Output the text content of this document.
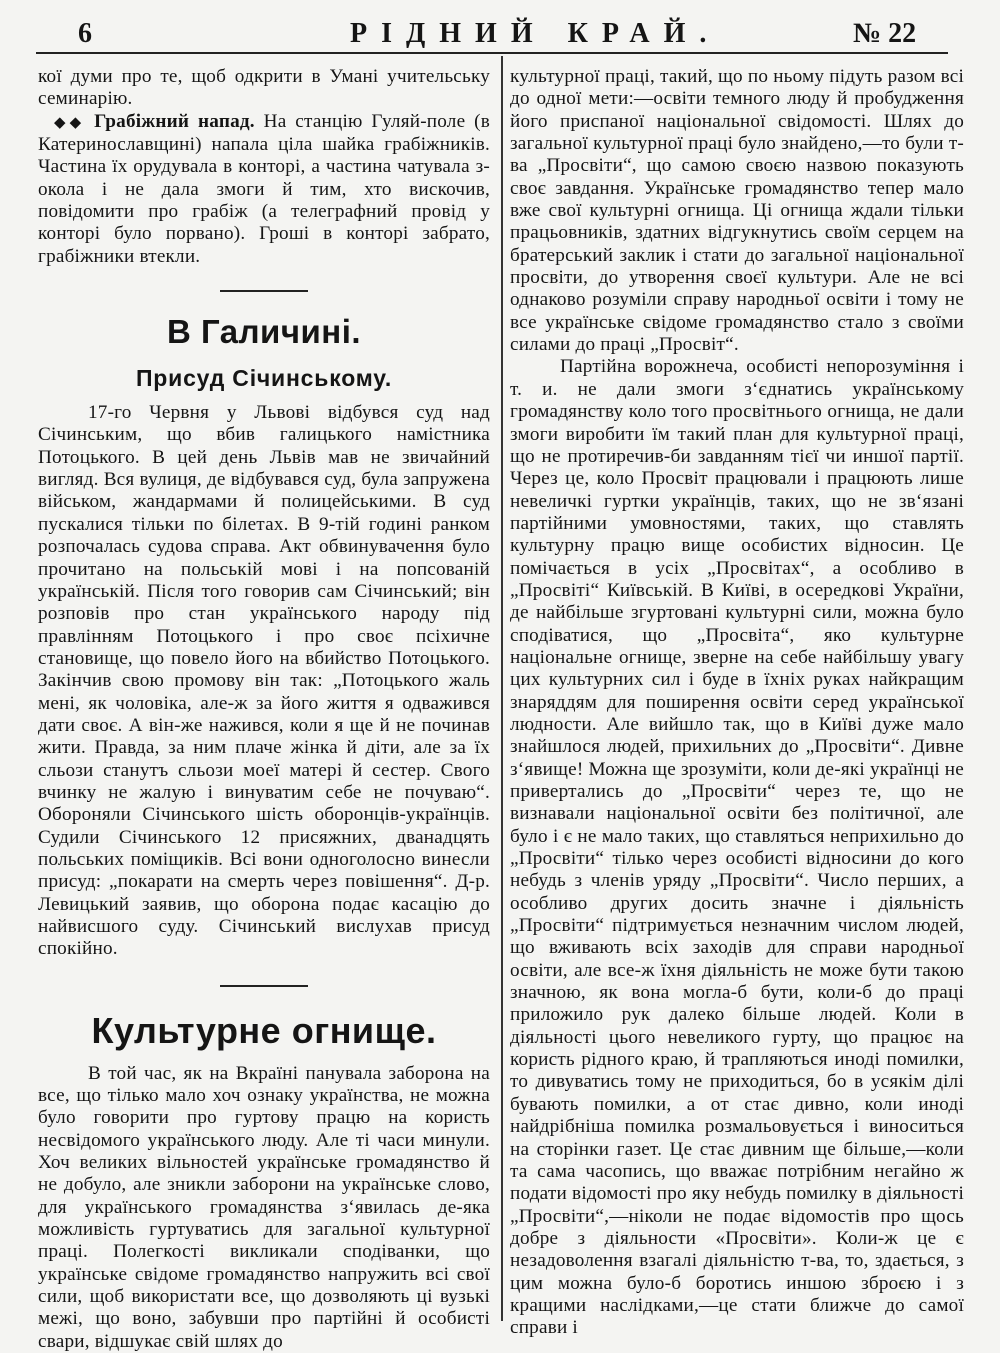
6	РІДНИЙ КРАЙ.	№ 22

кої думи про те, щоб одкрити в Умані учительську семинарію.

◆◆ Грабіжний напад. На станцію Гуляй-поле (в Катеринославщині) напала ціла шайка грабіжників. Частина їх орудувала в конторі, а частина чатувала з-окола і не дала змоги й тим, хто вискочив, повідомити про грабіж (а телеграфний провід у конторі було порвано). Гроші в конторі забрато, грабіжники втекли.

В Галичині.
Присуд Січинському.

17-го Червня у Львові відбувся суд над Січинським, що вбив галицького намістника Потоцького. В цей день Львів мав не звичайний вигляд. Вся вулиця, де відбувався суд, була запружена військом, жандармами й полицейськими. В суд пускалися тільки по білетах. В 9-тій годині ранком розпочалась судова справа. Акт обвинувачення було прочитано на польській мові і на попсованій українській. Після того говорив сам Січинський; він розповів про стан українського народу під правлінням Потоцького і про своє псіхичне становище, що повело його на вбийство Потоцького. Закінчив свою промову він так: „Потоцького жаль мені, як чоловіка, але-ж за його життя я одважився дати своє. А він-же нажився, коли я ще й не починав жити. Правда, за ним плаче жінка й діти, але за їх сльози станутъ сльози моеї матері й сестер. Свого вчинку не жалую і винуватим себе не почуваю“. Обороняли Січинського шість оборонців-українців. Судили Січинського 12 присяжних, дванадцять польських поміщиків. Всі вони одноголосно винесли присуд: „покарати на смерть через повішення“. Д-р. Левицький заявив, що оборона подає касацію до найвисшого суду. Січинський вислухав присуд спокійно.

Культурне огнище.

В той час, як на Вкраїні панувала заборона на все, що тілько мало хоч ознаку українства, не можна було говорити про гуртову працю на користь несвідомого українського люду. Але ті часи минули. Хоч великих вільностей українське громадянство й не добуло, але зникли заборони на українське слово, для українського громадянства з‘явилась де-яка можливість гуртуватись для загальної культурної праці. Полегкості викликали сподіванки, що українське свідоме громадянство напружить всі свої сили, щоб використати все, що дозволяють ці вузькі межі, що воно, забувши про партійні й особисті свари, відшукає свій шлях до

культурної праці, такий, що по ньому підуть разом всі до одної мети:—освіти темного люду й пробудження його приспаної національної свідомості. Шлях до загальної культурної праці було знайдено,—то були т-ва „Просвіти“, що самою своєю назвою показують своє завдання. Українське громадянство тепер мало вже свої культурні огнища. Ці огнища ждали тільки працьовників, здатних відгукнутись своїм серцем на братерський заклик і стати до загальної національної просвіти, до утворення своєї культури. Але не всі однаково розуміли справу народньої освіти і тому не все українське свідоме громадянство стало з своїми силами до праці „Просвіт“.

Партійна ворожнеча, особисті непорозуміння і т. и. не дали змоги з‘єднатись українському громадянству коло того просвітнього огнища, не дали змоги виробити їм такий план для культурної праці, що не протиречив-би завданням тієї чи иншої партії. Через це, коло Просвіт працювали і працюють лише невеличкі гуртки українців, таких, що не зв‘язані партійними умовностями, таких, що ставлять культурну працю вище особистих відносин. Це помічається в усіх „Просвітах“, а особливо в „Просвіті“ Київській. В Київі, в осередкові України, де найбільше згуртовані культурні сили, можна було сподіватися, що „Просвіта“, яко культурне національне огнище, зверне на себе найбільшу увагу цих культурних сил і буде в їхніх руках найкращим знаряддям для поширення освіти серед української людности. Але вийшло так, що в Київі дуже мало знайшлося людей, прихильних до „Просвіти“. Дивне з‘явище! Можна ще зрозуміти, коли де-які українці не привертались до „Просвіти“ через те, що не визнавали національної освіти без політичної, але було і є не мало таких, що ставляться неприхильно до „Просвіти“ тілько через особисті відносини до кого небудь з членів уряду „Просвіти“. Число перших, а особливо других досить значне і діяльність „Просвіти“ підтримується незначним числом людей, що вживають всіх заходів для справи народньої освіти, але все-ж їхня діяльність не може бути такою значною, як вона могла-б бути, коли-б до праці приложило рук далеко більше людей. Коли в діяльності цього невеликого гурту, що працює на користь рідного краю, й трапляються иноді помилки, то дивуватись тому не приходиться, бо в усякім ділі бувають помилки, а от стає дивно, коли иноді найдрібніша помилка розмальовується і виноситься на сторінки газет. Це стає дивним ще більше,—коли та сама часопись, що вважає потрібним негайно ж подати відомості про яку небудь помилку в діяльності „Просвіти“,—ніколи не подає відомостів про щось добре з діяльности «Просвіти». Коли-ж це є незадоволення взагалі діяльністю т-ва, то, здається, з цим можна було-б боротись иншою зброєю і з кращими наслідками,—це стати ближче до самої справи і
